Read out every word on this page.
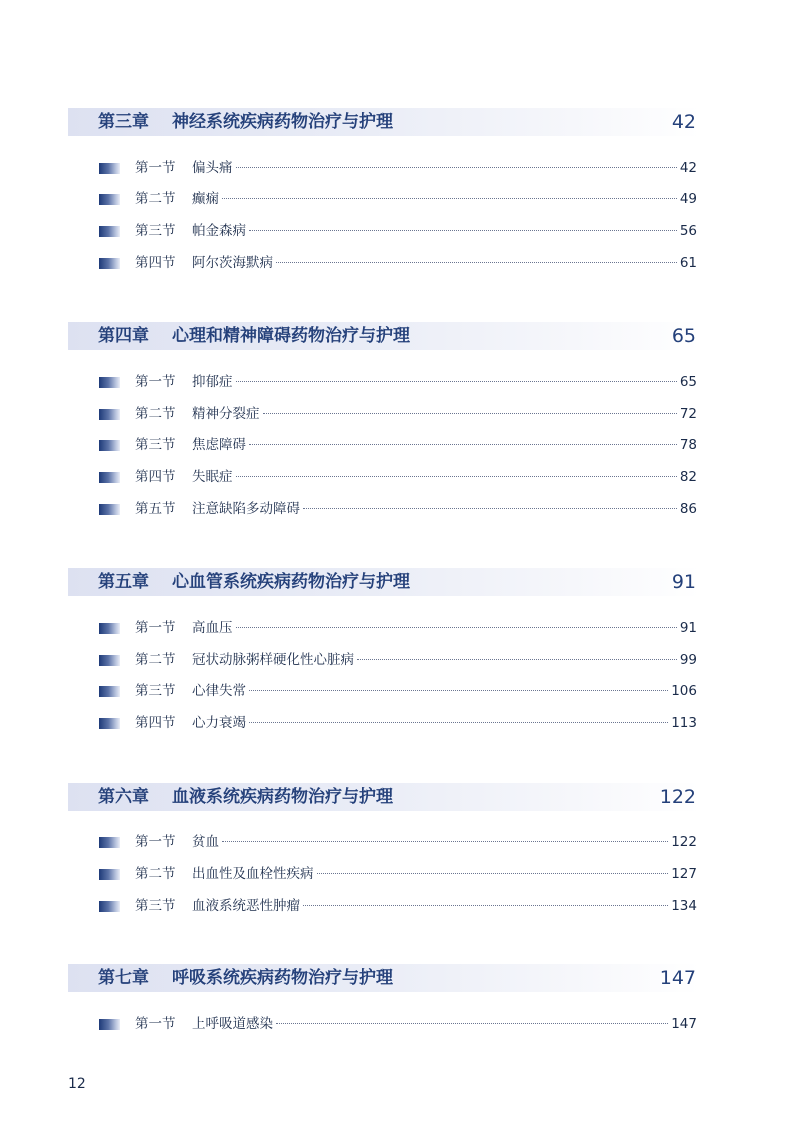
第三章 神经系统疾病药物治疗与护理	42
第一节 偏头痛	42
第二节 癫痫	49
第三节 帕金森病	56
第四节 阿尔茨海默病	61
第四章 心理和精神障碍药物治疗与护理	65
第一节 抑郁症	65
第二节 精神分裂症	72
第三节 焦虑障碍	78
第四节 失眠症	82
第五节 注意缺陷多动障碍	86
第五章 心血管系统疾病药物治疗与护理	91
第一节 高血压	91
第二节 冠状动脉粥样硬化性心脏病	99
第三节 心律失常	106
第四节 心力衰竭	113
第六章 血液系统疾病药物治疗与护理	122
第一节 贫血	122
第二节 出血性及血栓性疾病	127
第三节 血液系统恶性肿瘤	134
第七章 呼吸系统疾病药物治疗与护理	147
第一节 上呼吸道感染	147
12
